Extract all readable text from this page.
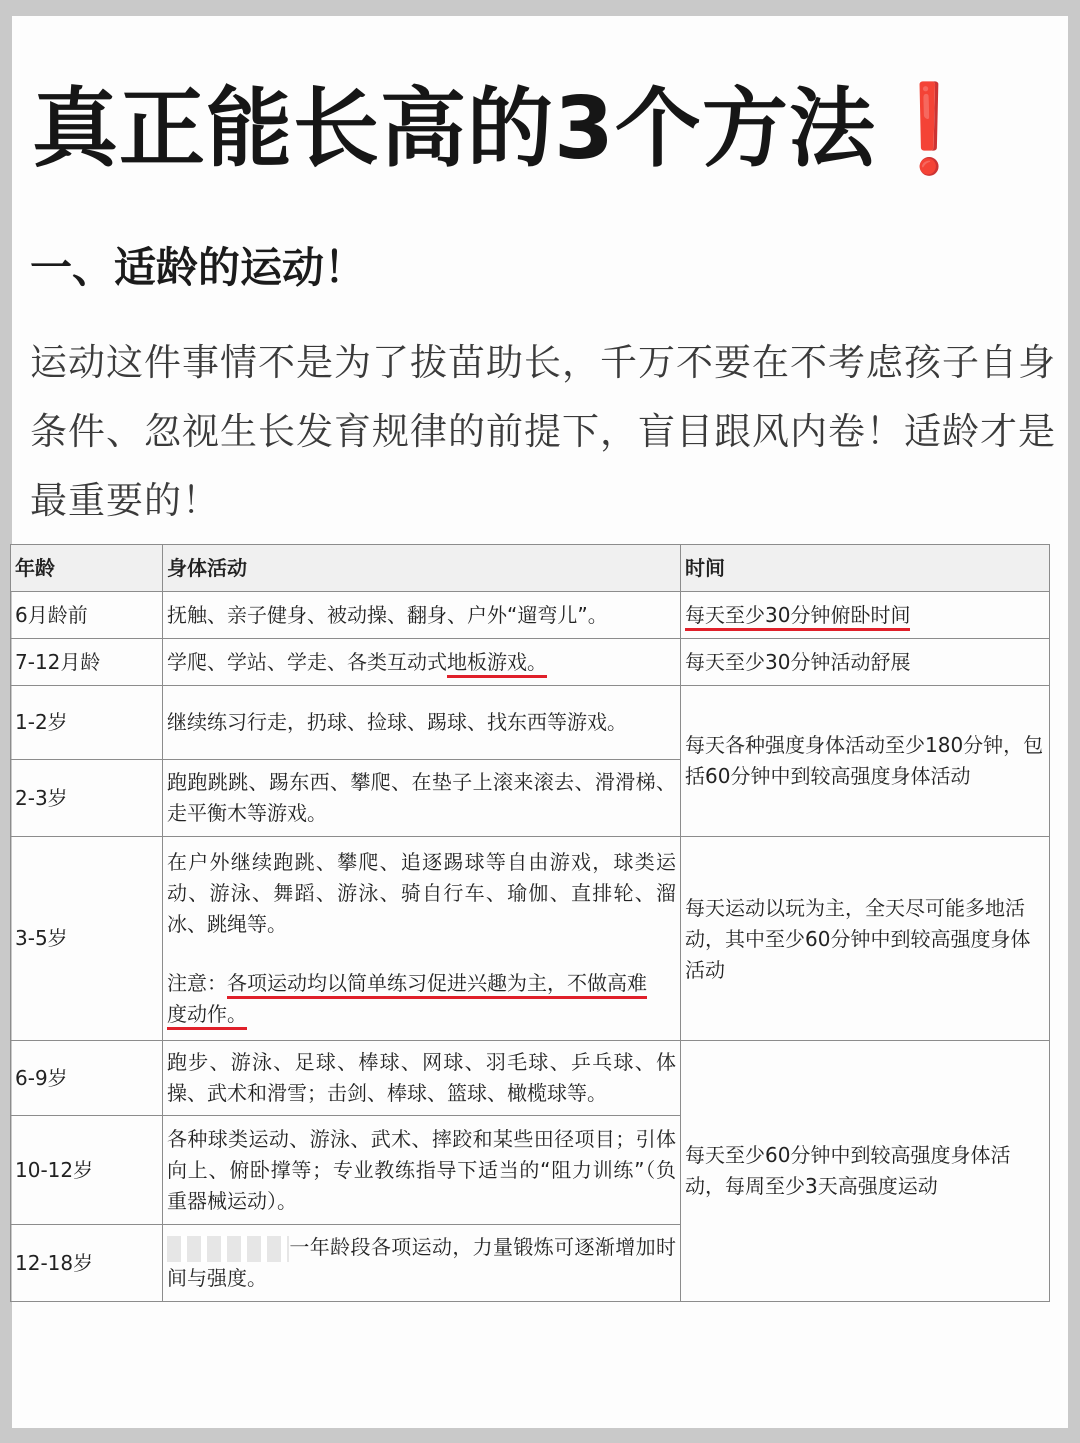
真正能长高的3个方法❗
一、适龄的运动！
运动这件事情不是为了拔苗助长，千万不要在不考虑孩子自身条件、忽视生长发育规律的前提下，盲目跟风内卷！适龄才是最重要的！
年龄	身体活动	时间
6月龄前	抚触、亲子健身、被动操、翻身、户外“遛弯儿”。	每天至少30分钟俯卧时间
7-12月龄	学爬、学站、学走、各类互动式地板游戏。	每天至少30分钟活动舒展
1-2岁	继续练习行走，扔球、捡球、踢球、找东西等游戏。	每天各种强度身体活动至少180分钟，包括60分钟中到较高强度身体活动
2-3岁	跑跑跳跳、踢东西、攀爬、在垫子上滚来滚去、滑滑梯、走平衡木等游戏。	
3-5岁	在户外继续跑跳、攀爬、追逐踢球等自由游戏，球类运动、游泳、舞蹈、游泳、骑自行车、瑜伽、直排轮、溜冰、跳绳等。
注意：各项运动均以简单练习促进兴趣为主，不做高难
度动作。	每天运动以玩为主，全天尽可能多地活动，其中至少60分钟中到较高强度身体活动
6-9岁	跑步、游泳、足球、棒球、网球、羽毛球、乒乓球、体操、武术和滑雪；击剑、棒球、篮球、橄榄球等。	每天至少60分钟中到较高强度身体活动，每周至少3天高强度运动
10-12岁	各种球类运动、游泳、武术、摔跤和某些田径项目；引体向上、俯卧撑等；专业教练指导下适当的“阻力训练”（负重器械运动）。	
12-18岁	一年龄段各项运动，力量锻炼可逐渐增加时间与强度。	
